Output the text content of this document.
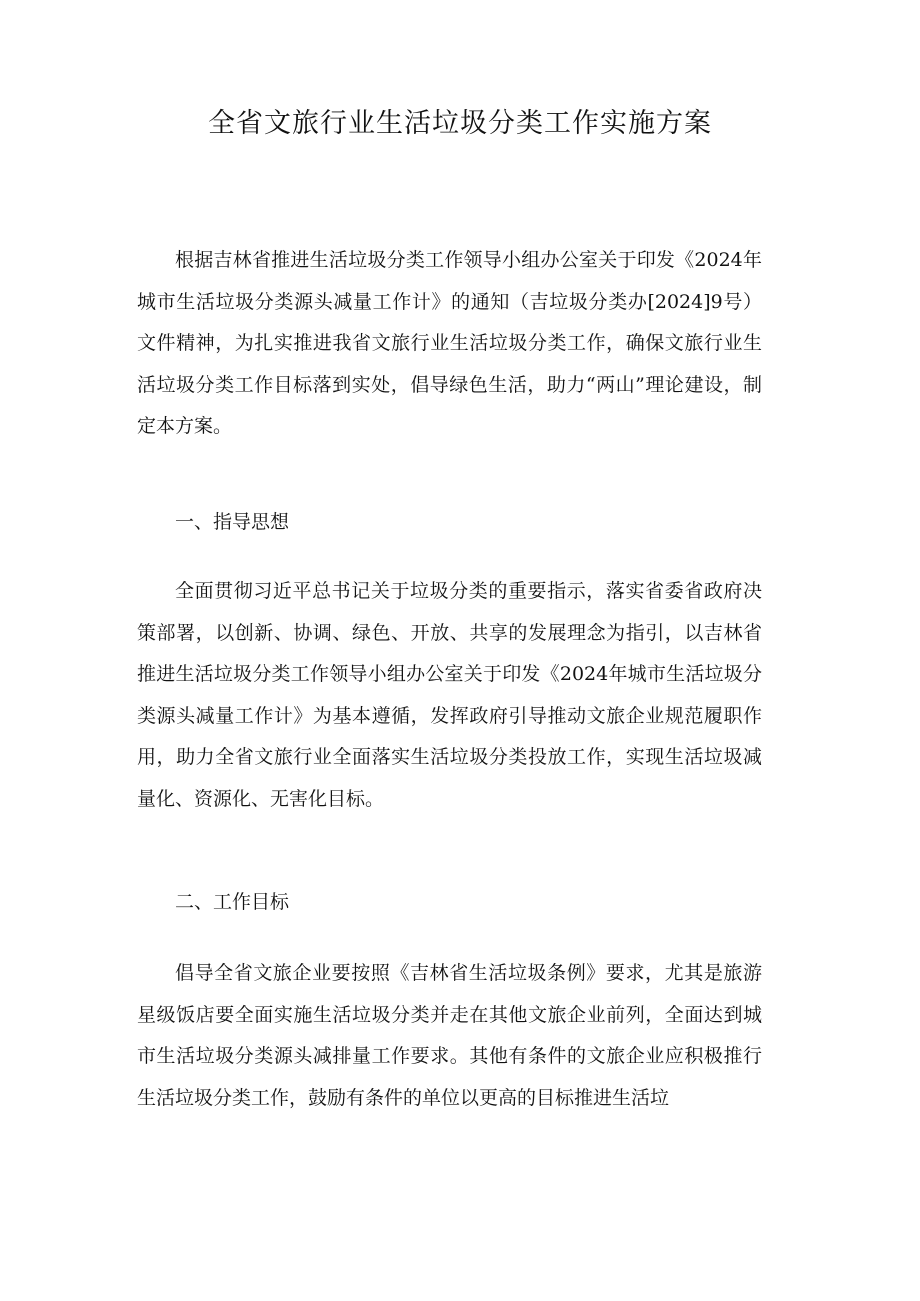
全省文旅行业生活垃圾分类工作实施方案

根据吉林省推进生活垃圾分类工作领导小组办公室关于印发《2024年城市生活垃圾分类源头减量工作计》的通知（吉垃圾分类办[2024]9号）文件精神，为扎实推进我省文旅行业生活垃圾分类工作，确保文旅行业生活垃圾分类工作目标落到实处，倡导绿色生活，助力“两山”理论建设，制定本方案。

一、指导思想

全面贯彻习近平总书记关于垃圾分类的重要指示，落实省委省政府决策部署，以创新、协调、绿色、开放、共享的发展理念为指引，以吉林省推进生活垃圾分类工作领导小组办公室关于印发《2024年城市生活垃圾分类源头减量工作计》为基本遵循，发挥政府引导推动文旅企业规范履职作用，助力全省文旅行业全面落实生活垃圾分类投放工作，实现生活垃圾减量化、资源化、无害化目标。

二、工作目标

倡导全省文旅企业要按照《吉林省生活垃圾条例》要求，尤其是旅游星级饭店要全面实施生活垃圾分类并走在其他文旅企业前列，全面达到城市生活垃圾分类源头减排量工作要求。其他有条件的文旅企业应积极推行生活垃圾分类工作，鼓励有条件的单位以更高的目标推进生活垃
